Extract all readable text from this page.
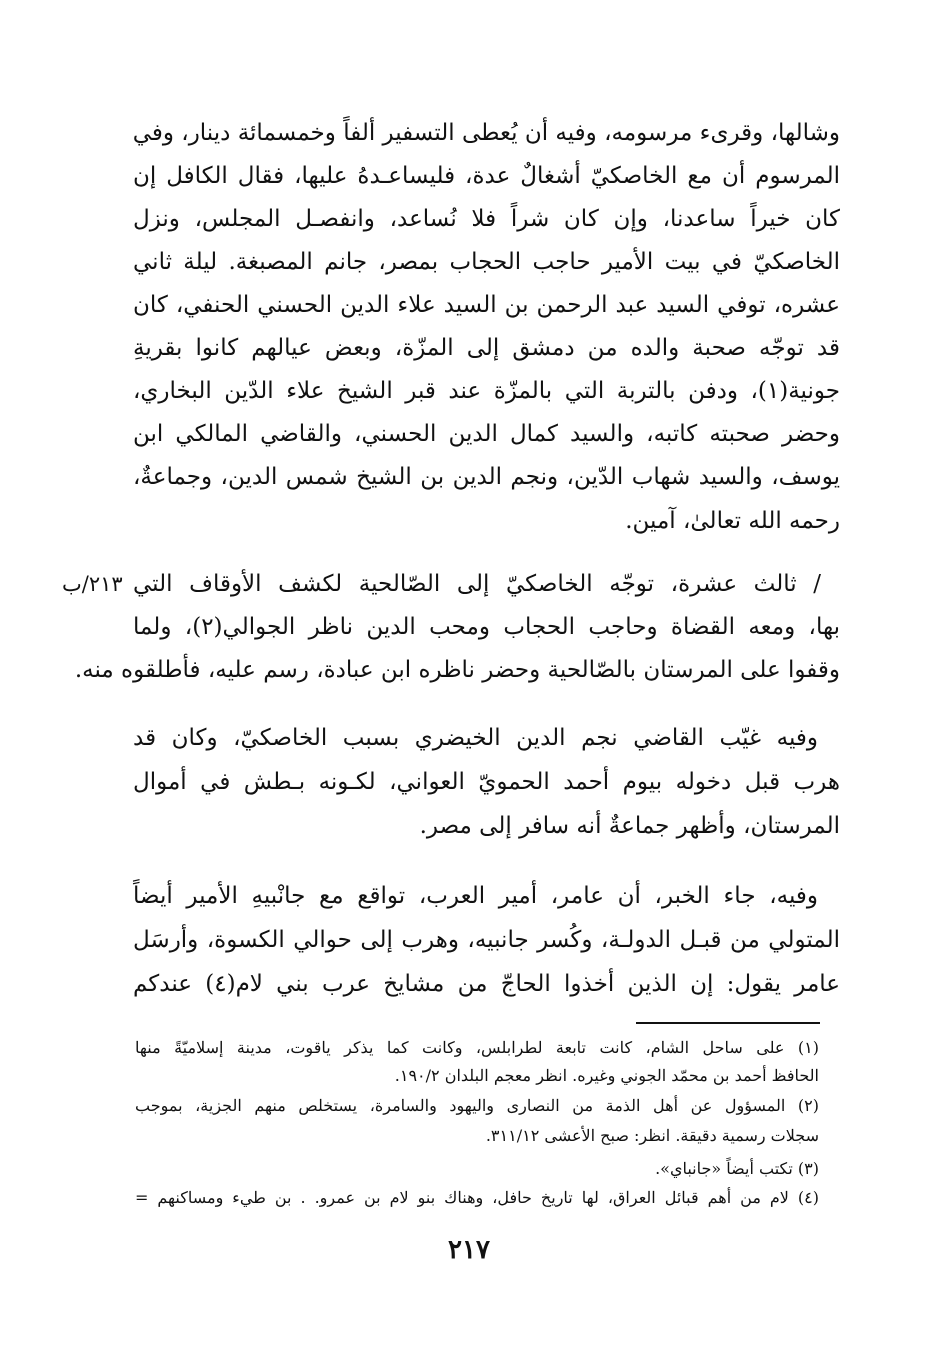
وشالها، وقرىء مرسومه، وفيه أن يُعطى التسفير ألفاً وخمسمائة دينار، وفي
المرسوم أن مع الخاصكيّ أشغالٌ عدة، فليساعـدهُ عليها، فقال الكافل إن
كان خيراً ساعدنا، وإن كان شراً فلا نُساعد، وانفصـل المجلس، ونزل
الخاصكيّ في بيت الأمير حاجب الحجاب بمصر، جانم المصبغة. ليلة ثاني
عشره، توفي السيد عبد الرحمن بن السيد علاء الدين الحسني الحنفي، كان
قد توجّه صحبة والده من دمشق إلى المزّة، وبعض عيالهم كانوا بقريةِ
جونية(١)، ودفن بالتربة التي بالمزّة عند قبر الشيخ علاء الدّين البخاري،
وحضر صحبته كاتبه، والسيد كمال الدين الحسني، والقاضي المالكي ابن
يوسف، والسيد شهاب الدّين، ونجم الدين بن الشيخ شمس الدين، وجماعةٌ،
رحمه الله تعالىٰ، آمين.
/ ثالث عشرة، توجّه الخاصكيّ إلى الصّالحية لكشف الأوقاف التي
بها، ومعه القضاة وحاجب الحجاب ومحب الدين ناظر الجوالي(٢)، ولما
وقفوا على المرستان بالصّالحية وحضر ناظره ابن عبادة، رسم عليه، فأطلقوه منه.
وفيه غيّب القاضي نجم الدين الخيضري بسبب الخاصكيّ، وكان قد
هرب قبل دخوله بيوم أحمد الحمويّ العواني، لكـونه بـطش في أموال
المرستان، وأظهر جماعةٌ أنه سافر إلى مصر.
وفيه، جاء الخبر، أن عامر، أمير العرب، تواقع مع جانْبيهِ الأمير أيضاً
المتولي من قبـل الدولـة، وكُسر جانبيه، وهرب إلى حوالي الكسوة، وأرسَل
عامر يقول: إن الذين أخذوا الحاجّ من مشايخ عرب بني لام(٤) عندكم
٢١٣/ب
(١) على ساحل الشام، كانت تابعة لطرابلس، وكانت كما يذكر ياقوت، مدينة إسلاميّةً منها
الحافظ أحمد بن محمّد الجوني وغيره. انظر معجم البلدان ١٩٠/٢.
(٢) المسؤول عن أهل الذمة من النصارى واليهود والسامرة، يستخلص منهم الجزية، بموجب
سجلات رسمية دقيقة. انظر: صبح الأعشى ٣١١/١٢.
(٣) تكتب أيضاً «جانباي».
(٤) لام من أهم قبائل العراق، لها تاريخ حافل، وهناك بنو لام بن عمرو. . بن طيء ومساكنهم =
٢١٧
